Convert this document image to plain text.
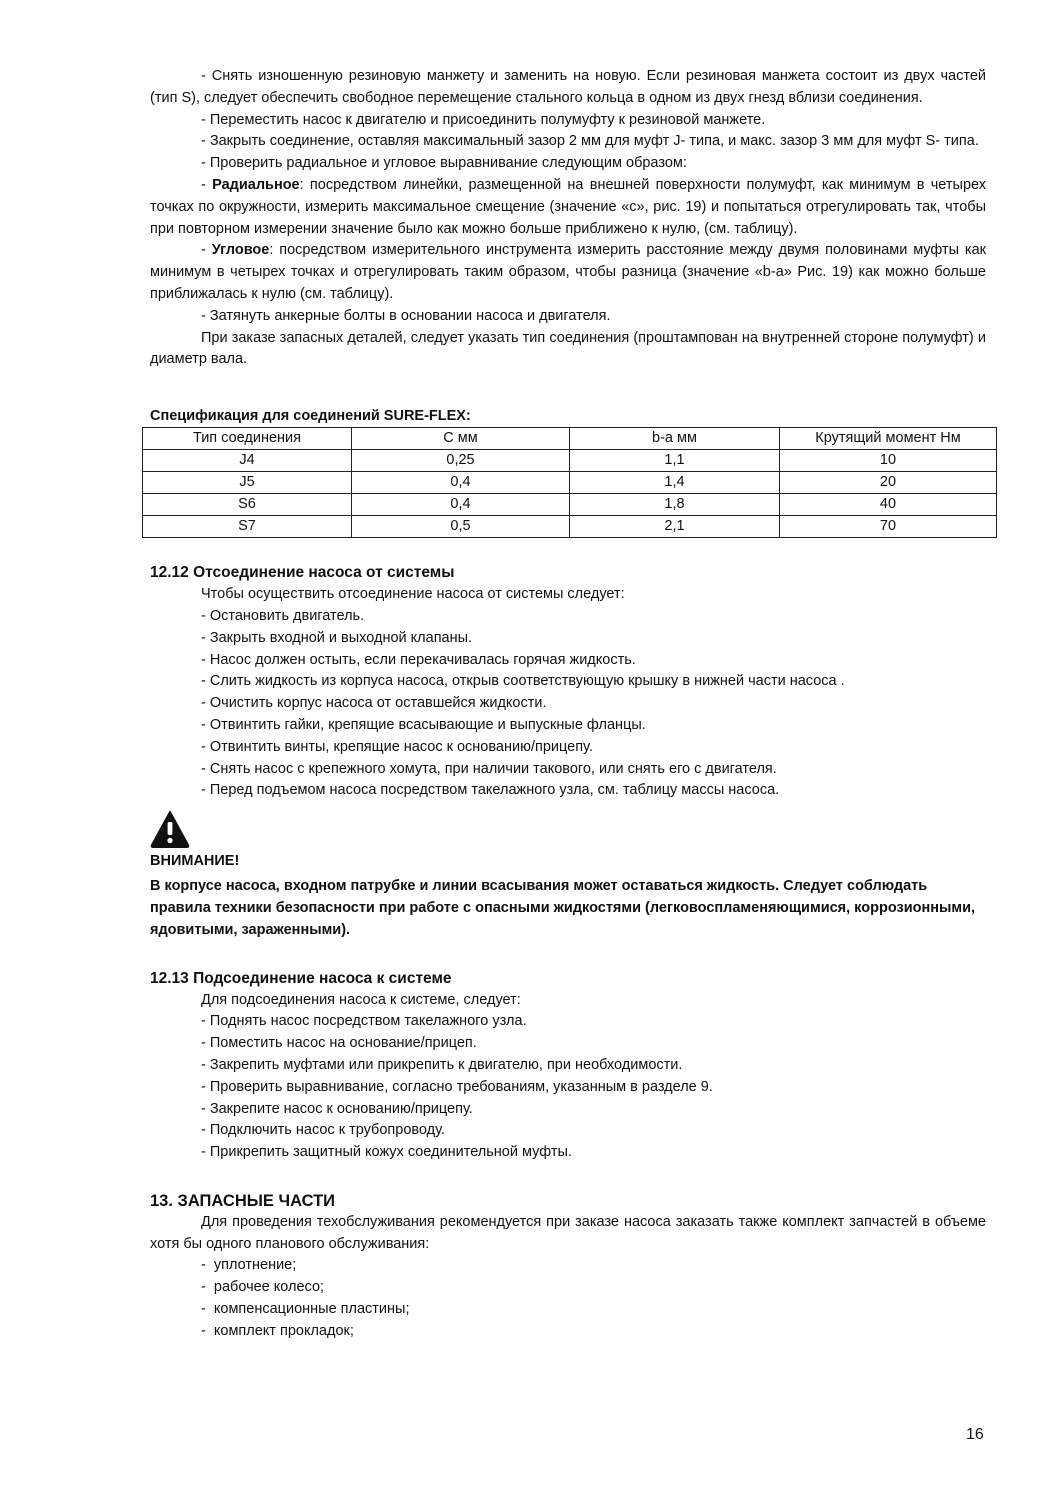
- Снять изношенную резиновую манжету и заменить на новую. Если резиновая манжета состоит из двух частей (тип S), следует обеспечить свободное перемещение стального кольца в одном из двух гнезд вблизи соединения.

- Переместить насос к двигателю и присоединить полумуфту к резиновой манжете.

- Закрыть соединение, оставляя максимальный зазор 2 мм для муфт J- типа, и макс. зазор 3 мм для муфт S- типа.

- Проверить радиальное и угловое выравнивание следующим образом:

- Радиальное: посредством линейки, размещенной на внешней поверхности полумуфт, как минимум в четырех точках по окружности, измерить максимальное смещение (значение «с», рис. 19) и попытаться отрегулировать так, чтобы при повторном измерении значение было как можно больше приближено к нулю, (см. таблицу).

- Угловое: посредством измерительного инструмента измерить расстояние между двумя половинами муфты как минимум в четырех точках и отрегулировать таким образом, чтобы разница (значение «b-a» Рис. 19) как можно больше приближалась к нулю (см. таблицу).

- Затянуть анкерные болты в основании насоса и двигателя.

При заказе запасных деталей, следует указать тип соединения (проштампован на внутренней стороне полумуфт) и диаметр вала.

Спецификация для соединений SURE-FLEX:
Тип соединения	С мм	b-a мм	Крутящий момент Нм
J4	0,25	1,1	10
J5	0,4	1,4	20
S6	0,4	1,8	40
S7	0,5	2,1	70
12.12 Отсоединение насоса от системы
Чтобы осуществить отсоединение насоса от системы следует:
- Остановить двигатель.
- Закрыть входной и выходной клапаны.
- Насос должен остыть, если перекачивалась горячая жидкость.
- Слить жидкость из корпуса насоса, открыв соответствующую крышку в нижней части насоса .
- Очистить корпус насоса от оставшейся жидкости.
- Отвинтить гайки, крепящие всасывающие и выпускные фланцы.
- Отвинтить винты, крепящие насос к основанию/прицепу.
- Снять насос с крепежного хомута, при наличии такового, или снять его с двигателя.
- Перед подъемом насоса посредством такелажного узла, см. таблицу массы насоса.
ВНИМАНИЕ!

В корпусе насоса, входном патрубке и линии всасывания может оставаться жидкость. Следует соблюдать правила техники безопасности при работе с опасными жидкостями (легковоспламеняющимися, коррозионными, ядовитыми, зараженными).

12.13 Подсоединение насоса к системе
Для подсоединения насоса к системе, следует:
- Поднять насос посредством такелажного узла.
- Поместить насос на основание/прицеп.
- Закрепить муфтами или прикрепить к двигателю, при необходимости.
- Проверить выравнивание, согласно требованиям, указанным в разделе 9.
- Закрепите насос к основанию/прицепу.
- Подключить насос к трубопроводу.
- Прикрепить защитный кожух соединительной муфты.
13. ЗАПАСНЫЕ ЧАСТИ

Для проведения техобслуживания рекомендуется при заказе насоса заказать также комплект запчастей в объеме хотя бы одного планового обслуживания:

-  уплотнение;
-  рабочее колесо;
-  компенсационные пластины;
-  комплект прокладок;
16
